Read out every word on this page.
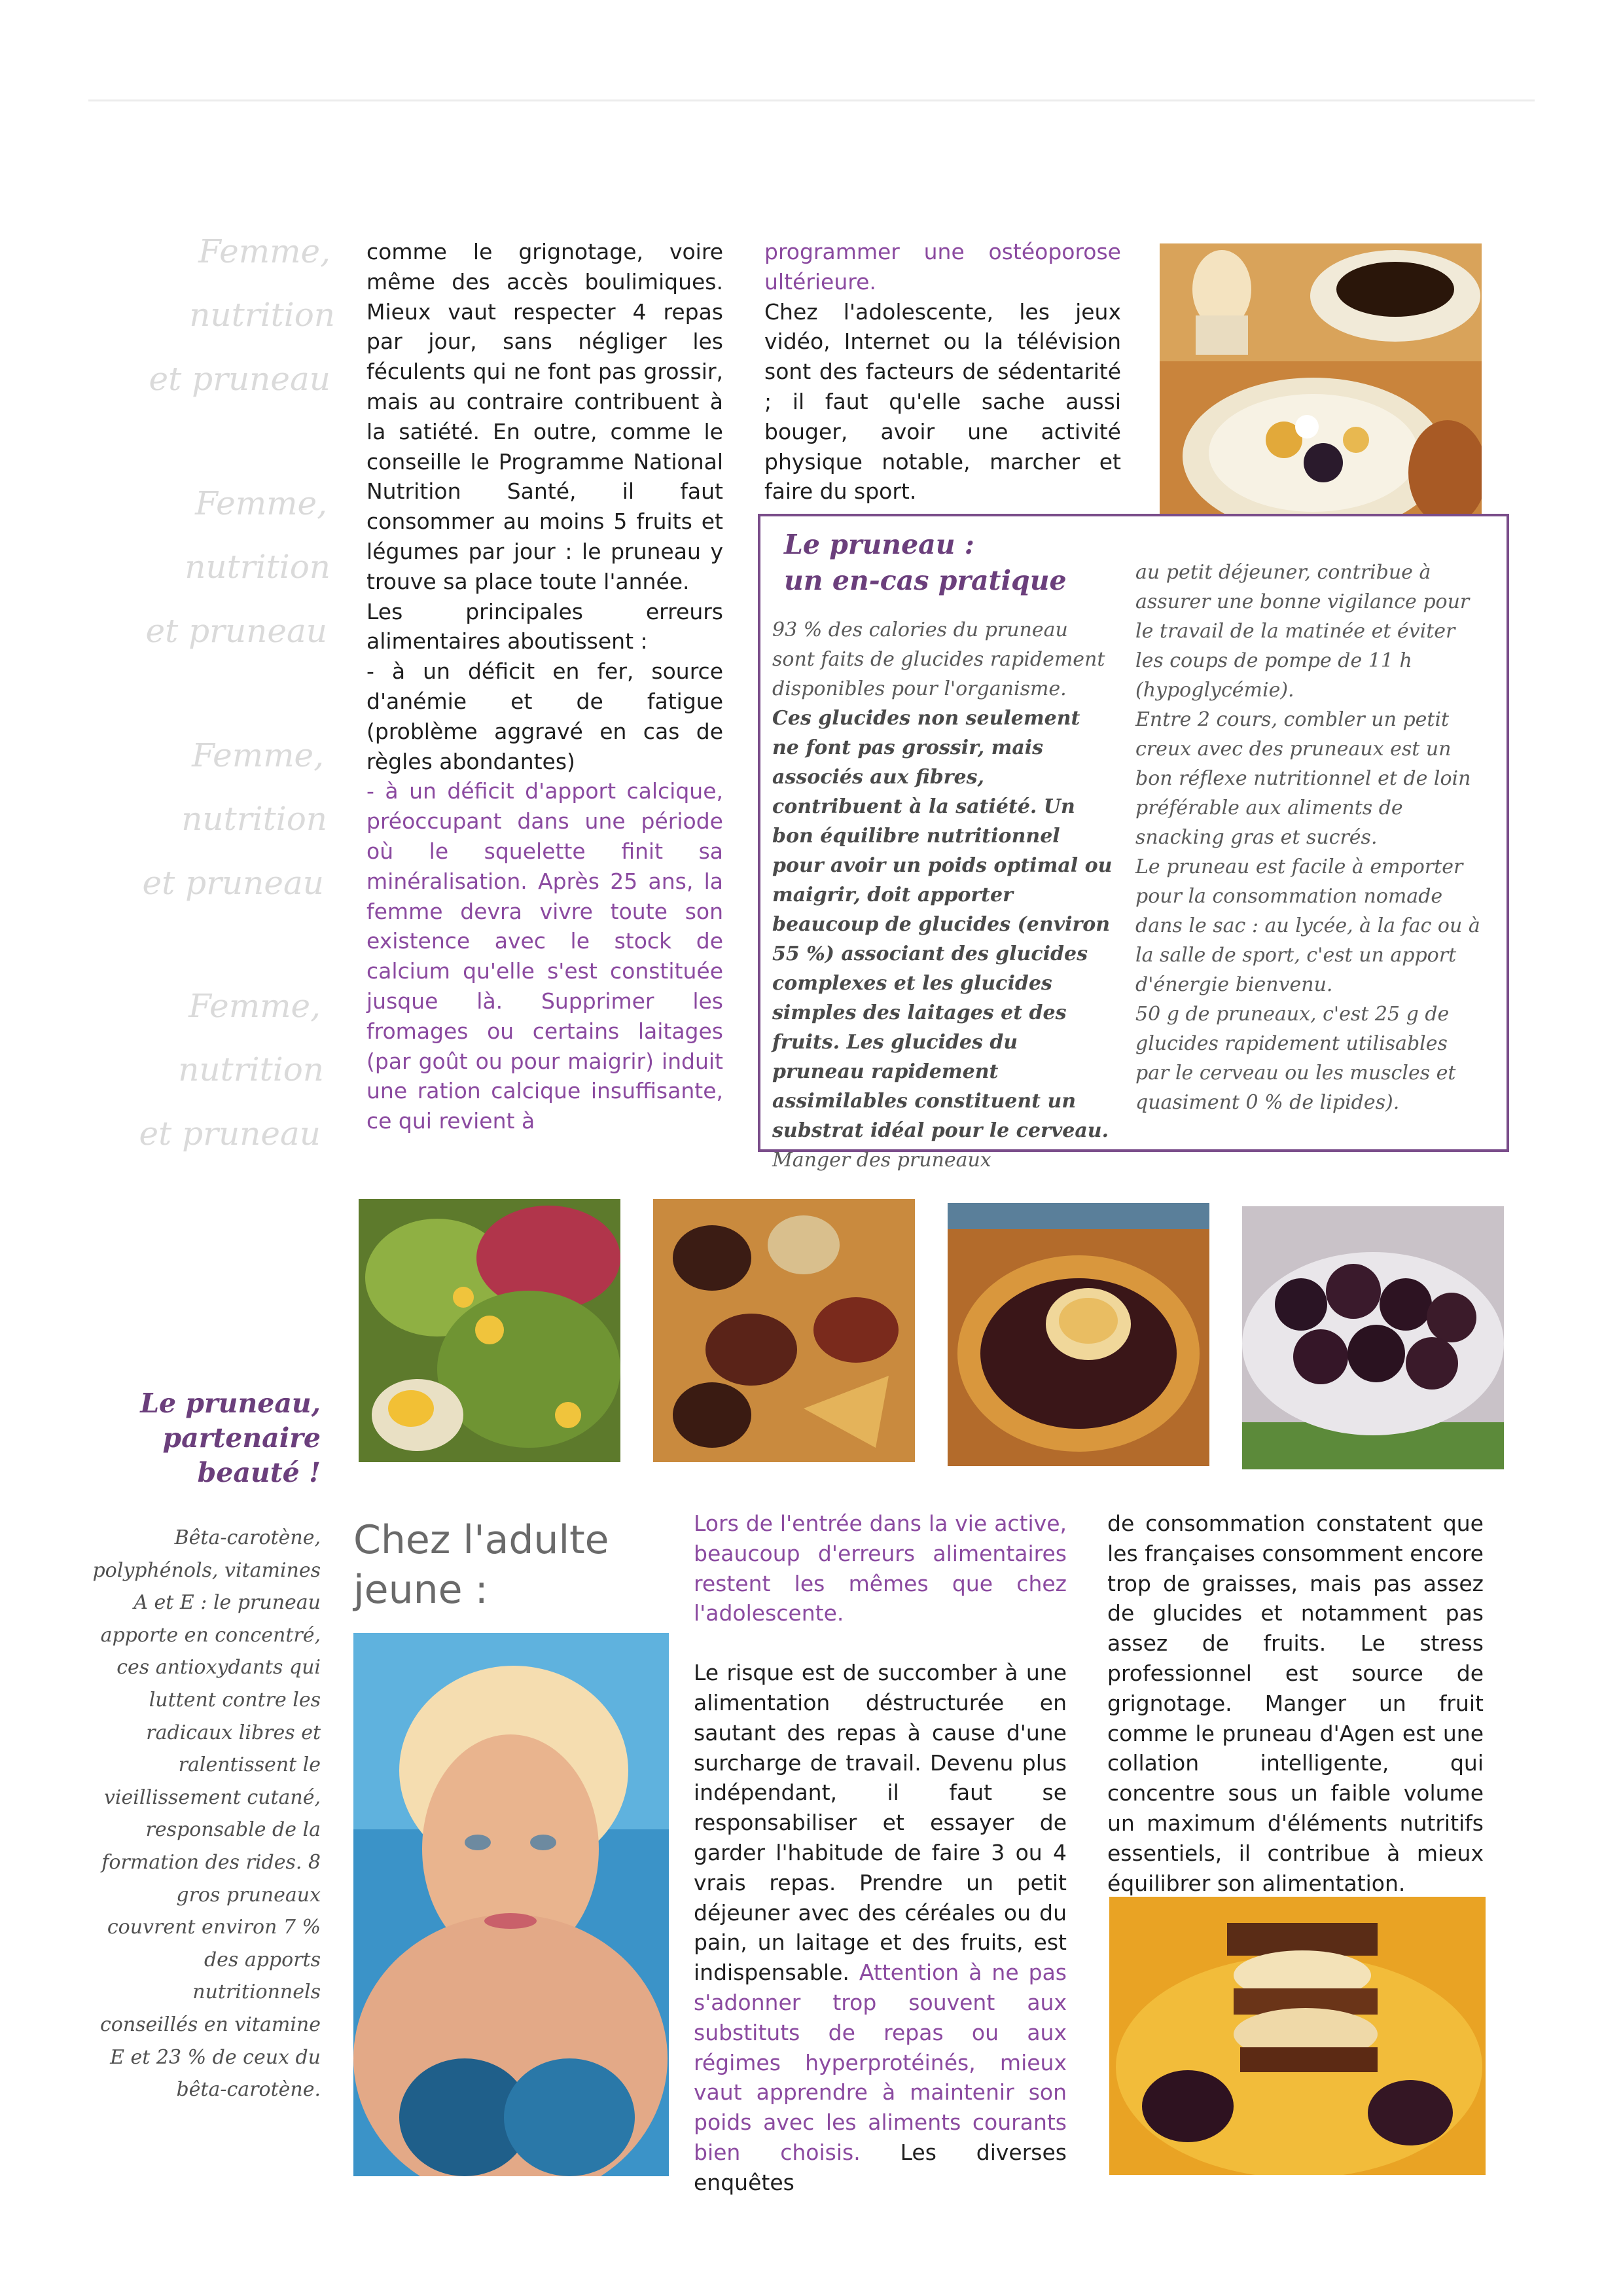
Femme,
nutrition
et pruneau
Femme,
nutrition
et pruneau
Femme,
nutrition
et pruneau
Femme,
nutrition
et pruneau

comme le grignotage, voire même des accès boulimiques. Mieux vaut respecter 4 repas par jour, sans négliger les féculents qui ne font pas grossir, mais au contraire contribuent à la satiété. En outre, comme le conseille le Programme National Nutrition Santé, il faut consommer au moins 5 fruits et légumes par jour : le pruneau y trouve sa place toute l'année.

Les principales erreurs alimentaires aboutissent :

- à un déficit en fer, source d'anémie et de fatigue (problème aggravé en cas de règles abondantes)

- à un déficit d'apport calcique, préoccupant dans une période où le squelette finit sa minéralisation. Après 25 ans, la femme devra vivre toute son existence avec le stock de calcium qu'elle s'est constituée jusque là. Supprimer les fromages ou certains laitages (par goût ou pour maigrir) induit une ration calcique insuffisante, ce qui revient à

programmer une ostéoporose ultérieure.

Chez l'adolescente, les jeux vidéo, Internet ou la télévision sont des facteurs de sédentarité ; il faut qu'elle sache aussi bouger, avoir une activité physique notable, marcher et faire du sport.

Le pruneau :
un en-cas pratique

93 % des calories du pruneau sont faits de glucides rapidement disponibles pour l'organisme.

Ces glucides non seulement ne font pas grossir, mais associés aux fibres, contribuent à la satiété. Un bon équilibre nutritionnel pour avoir un poids optimal ou maigrir, doit apporter beaucoup de glucides (environ 55 %) associant des glucides complexes et les glucides simples des laitages et des fruits. Les glucides du pruneau rapidement assimilables constituent un substrat idéal pour le cerveau. Manger des pruneaux

au petit déjeuner, contribue à assurer une bonne vigilance pour le travail de la matinée et éviter les coups de pompe de 11 h (hypoglycémie).

Entre 2 cours, combler un petit creux avec des pruneaux est un bon réflexe nutritionnel et de loin préférable aux aliments de snacking gras et sucrés.

Le pruneau est facile à emporter pour la consommation nomade dans le sac : au lycée, à la fac ou à la salle de sport, c'est un apport d'énergie bienvenu.

50 g de pruneaux, c'est 25 g de glucides rapidement utilisables par le cerveau ou les muscles et quasiment 0 % de lipides).

Le pruneau, partenaire beauté !
Bêta-carotène, polyphénols, vitamines A et E : le pruneau apporte en concentré, ces antioxydants qui luttent contre les radicaux libres et ralentissent le vieillissement cutané, responsable de la formation des rides. 8 gros pruneaux couvrent environ 7 % des apports nutritionnels conseillés en vitamine E et 23 % de ceux du bêta-carotène.
Chez l'adulte jeune :

Lors de l'entrée dans la vie active, beaucoup d'erreurs alimentaires restent les mêmes que chez l'adolescente.

Le risque est de succomber à une alimentation déstructurée en sautant des repas à cause d'une surcharge de travail. Devenu plus indépendant, il faut se responsabiliser et essayer de garder l'habitude de faire 3 ou 4 vrais repas. Prendre un petit déjeuner avec des céréales ou du pain, un laitage et des fruits, est indispensable. Attention à ne pas s'adonner trop souvent aux substituts de repas ou aux régimes hyperprotéinés, mieux vaut apprendre à maintenir son poids avec les aliments courants bien choisis. Les diverses enquêtes

de consommation constatent que les françaises consomment encore trop de graisses, mais pas assez de glucides et notamment pas assez de fruits. Le stress professionnel est source de grignotage. Manger un fruit comme le pruneau d'Agen est une collation intelligente, qui concentre sous un faible volume un maximum d'éléments nutritifs essentiels, il contribue à mieux équilibrer son alimentation.
